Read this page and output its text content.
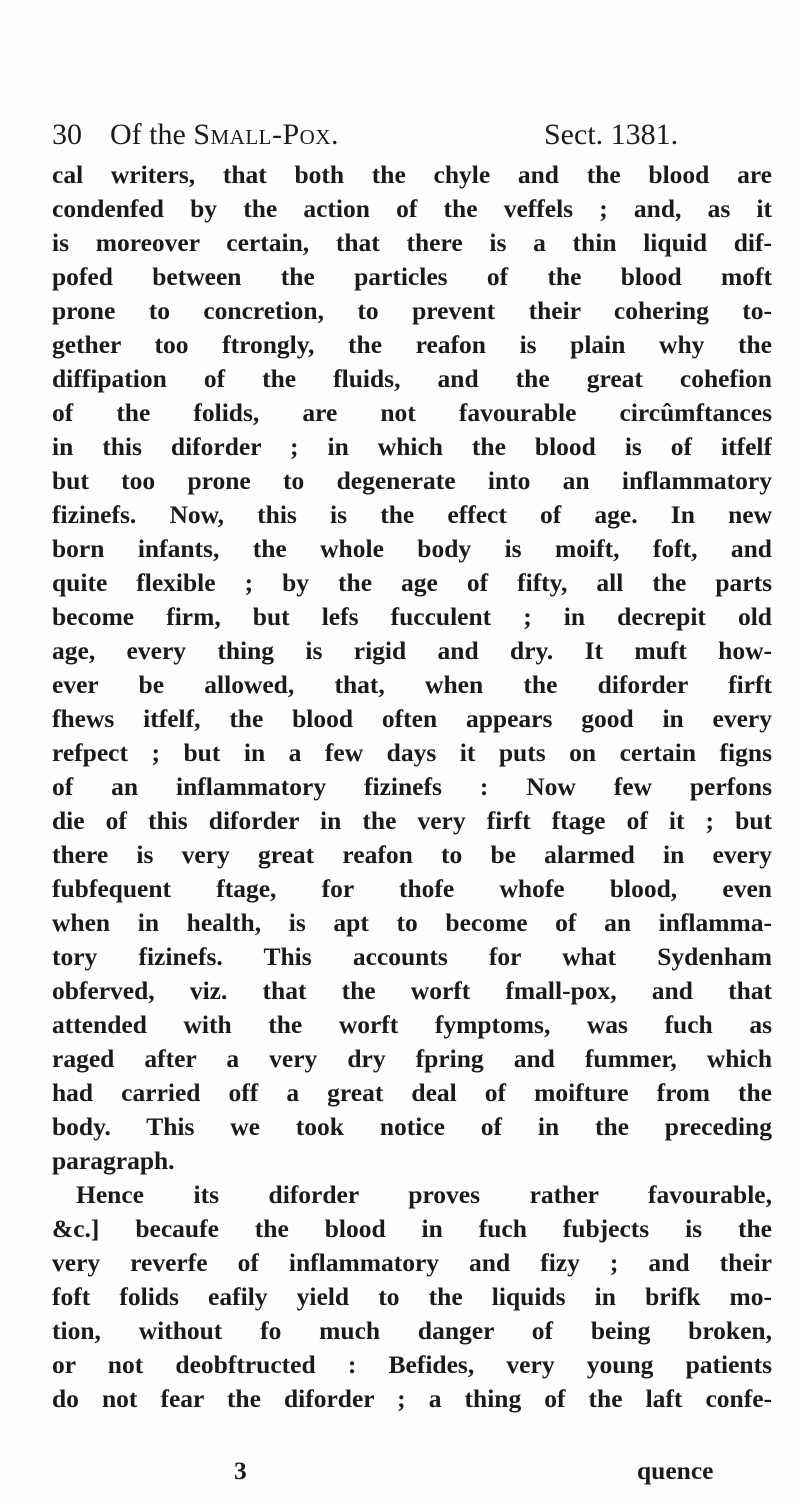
30 Of the Small-Pox.	Sect. 1381.
cal writers, that both the chyle and the blood are
condenfed by the action of the veffels ; and, as it
is moreover certain, that there is a thin liquid dif-
pofed between the particles of the blood moft
prone to concretion, to prevent their cohering to-
gether too ftrongly, the reafon is plain why the
diffipation of the fluids, and the great cohefion
of the folids, are not favourable circûmftances
in this diforder ; in which the blood is of itfelf
but too prone to degenerate into an inflammatory
fizinefs. Now, this is the effect of age. In new
born infants, the whole body is moift, foft, and
quite flexible ; by the age of fifty, all the parts
become firm, but lefs fucculent ; in decrepit old
age, every thing is rigid and dry. It muft how-
ever be allowed, that, when the diforder firft
fhews itfelf, the blood often appears good in every
refpect ; but in a few days it puts on certain figns
of an inflammatory fizinefs : Now few perfons
die of this diforder in the very firft ftage of it ; but
there is very great reafon to be alarmed in every
fubfequent ftage, for thofe whofe blood, even
when in health, is apt to become of an inflamma-
tory fizinefs. This accounts for what Sydenham
obferved, viz. that the worft fmall-pox, and that
attended with the worft fymptoms, was fuch as
raged after a very dry fpring and fummer, which
had carried off a great deal of moifture from the
body. This we took notice of in the preceding
paragraph.
Hence its diforder proves rather favourable,
&c.] becaufe the blood in fuch fubjects is the
very reverfe of inflammatory and fizy ; and their
foft folids eafily yield to the liquids in brifk mo-
tion, without fo much danger of being broken,
or not deobftructed : Befides, very young patients
do not fear the diforder ; a thing of the laft confe-
3	quence
